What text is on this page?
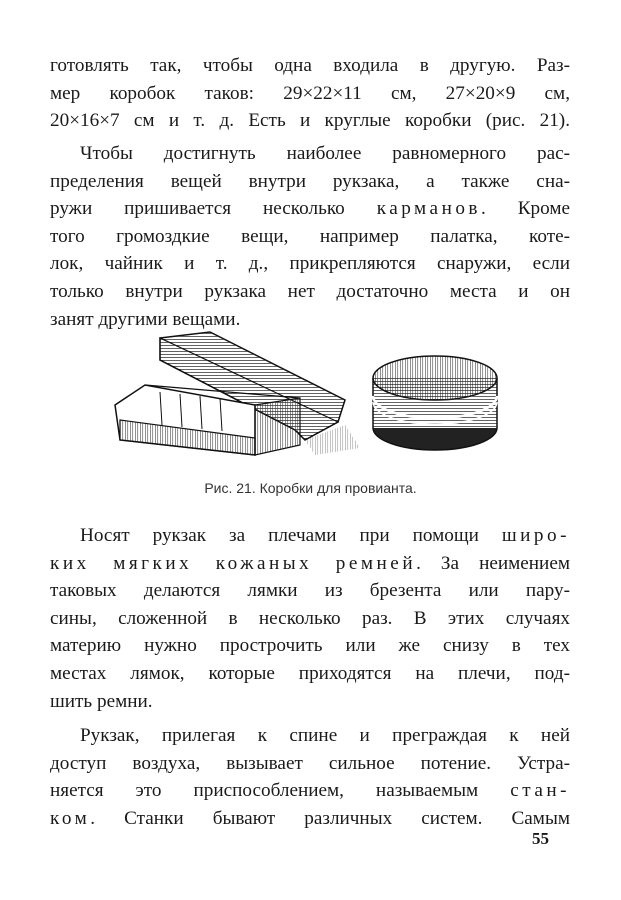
готовлять так, чтобы одна входила в другую. Раз-
мер коробок таков: 29×22×11 см, 27×20×9 см,
20×16×7 см и т. д. Есть и круглые коробки (рис. 21).
Чтобы достигнуть наиболее равномерного рас-
пределения вещей внутри рукзака, а также сна-
ружи пришивается несколько карманов. Кроме
того громоздкие вещи, например палатка, коте-
лок, чайник и т. д., прикрепляются снаружи, если
только внутри рукзака нет достаточно места и он
занят другими вещами.
Рис. 21. Коробки для провианта.
Носят рукзак за плечами при помощи широ-
ких мягких кожаных ремней. За неимением
таковых делаются лямки из брезента или пару-
сины, сложенной в несколько раз. В этих случаях
материю нужно прострочить или же снизу в тех
местах лямок, которые приходятся на плечи, под-
шить ремни.
Рукзак, прилегая к спине и преграждая к ней
доступ воздуха, вызывает сильное потение. Устра-
няется это приспособлением, называемым стан-
ком. Станки бывают различных систем. Самым
55
